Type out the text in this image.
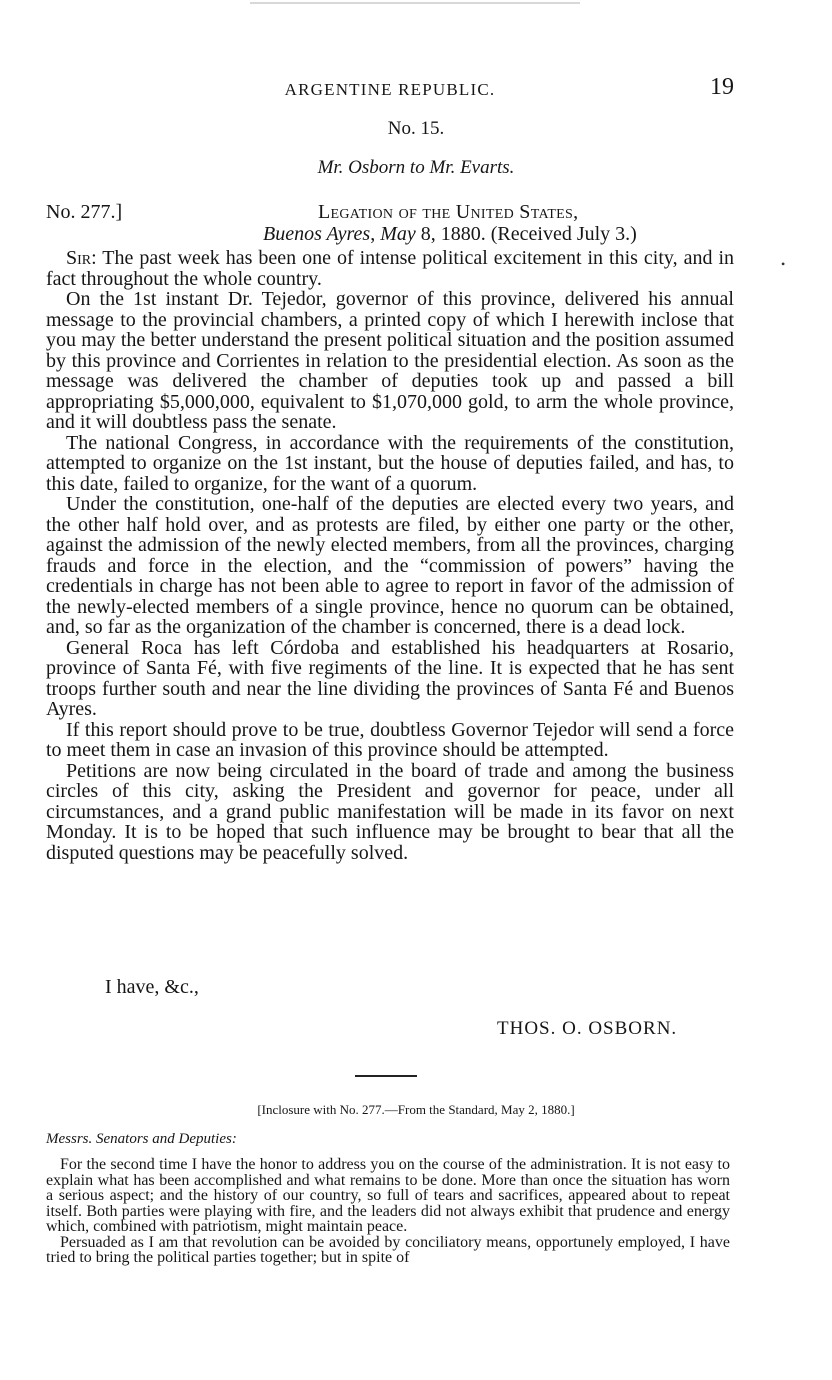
ARGENTINE REPUBLIC.	19
No. 15.
Mr. Osborn to Mr. Evarts.
No. 277.]	Legation of the United States,
Buenos Ayres, May 8, 1880. (Received July 3.)
•

Sir: The past week has been one of intense political excitement in this city, and in fact throughout the whole country.

On the 1st instant Dr. Tejedor, governor of this province, delivered his annual message to the provincial chambers, a printed copy of which I herewith inclose that you may the better understand the present political situation and the position assumed by this province and Corrientes in relation to the presidential election. As soon as the message was delivered the chamber of deputies took up and passed a bill appropriating $5,000,000, equivalent to $1,070,000 gold, to arm the whole province, and it will doubtless pass the senate.

The national Congress, in accordance with the requirements of the constitution, attempted to organize on the 1st instant, but the house of deputies failed, and has, to this date, failed to organize, for the want of a quorum.

Under the constitution, one-half of the deputies are elected every two years, and the other half hold over, and as protests are filed, by either one party or the other, against the admission of the newly elected members, from all the provinces, charging frauds and force in the election, and the “commission of powers” having the credentials in charge has not been able to agree to report in favor of the admission of the newly-elected members of a single province, hence no quorum can be obtained, and, so far as the organization of the chamber is concerned, there is a dead lock.

General Roca has left Córdoba and established his headquarters at Rosario, province of Santa Fé, with five regiments of the line. It is expected that he has sent troops further south and near the line dividing the provinces of Santa Fé and Buenos Ayres.

If this report should prove to be true, doubtless Governor Tejedor will send a force to meet them in case an invasion of this province should be attempted.

Petitions are now being circulated in the board of trade and among the business circles of this city, asking the President and governor for peace, under all circumstances, and a grand public manifestation will be made in its favor on next Monday. It is to be hoped that such influence may be brought to bear that all the disputed questions may be peacefully solved.

I have, &c.,
THOS. O. OSBORN.
[Inclosure with No. 277.—From the Standard, May 2, 1880.]
Messrs. Senators and Deputies:

For the second time I have the honor to address you on the course of the administration. It is not easy to explain what has been accomplished and what remains to be done. More than once the situation has worn a serious aspect; and the history of our country, so full of tears and sacrifices, appeared about to repeat itself. Both parties were playing with fire, and the leaders did not always exhibit that prudence and energy which, combined with patriotism, might maintain peace.

Persuaded as I am that revolution can be avoided by conciliatory means, opportunely employed, I have tried to bring the political parties together; but in spite of
